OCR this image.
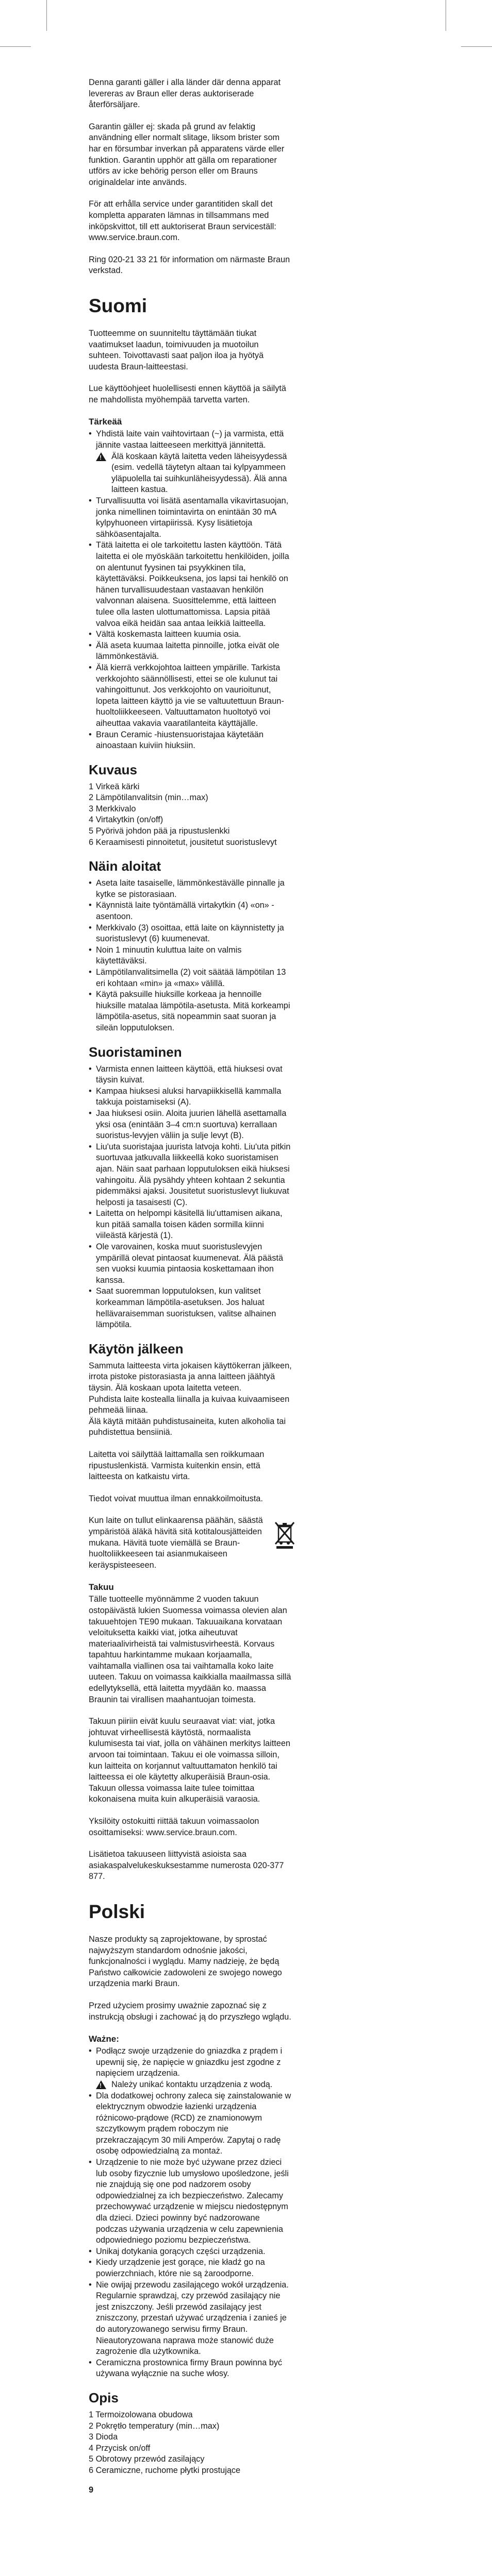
Denna garanti gäller i alla länder där denna apparat levereras av Braun eller deras auktoriserade återförsäljare.

Garantin gäller ej: skada på grund av felaktig användning eller normalt slitage, liksom brister som har en försumbar inverkan på apparatens värde eller funktion. Garantin upphör att gälla om reparationer utförs av icke behörig person eller om Brauns originaldelar inte används.

För att erhålla service under garantitiden skall det kompletta apparaten lämnas in tillsammans med inköpskvittot, till ett auktoriserat Braun serviceställ: www.service.braun.com.

Ring 020-21 33 21 för information om närmaste Braun verkstad.

Suomi

Tuotteemme on suunniteltu täyttämään tiukat vaatimukset laadun, toimivuuden ja muotoilun suhteen. Toivottavasti saat paljon iloa ja hyötyä uudesta Braun-laitteestasi.

Lue käyttöohjeet huolellisesti ennen käyttöä ja säilytä ne mahdollista myöhempää tarvetta varten.

Tärkeää
• Yhdistä laite vain vaihtovirtaan (~) ja varmista, että jännite vastaa laitteeseen merkittyä jännitettä.
!
Älä koskaan käytä laitetta veden läheisyydessä (esim. vedellä täytetyn altaan tai kylpyammeen yläpuolella tai suihkunläheisyydessä). Älä anna laitteen kastua.
• Turvallisuutta voi lisätä asentamalla vikavirtasuojan, jonka nimellinen toimintavirta on enintään 30 mA kylpyhuoneen virtapiirissä. Kysy lisätietoja sähköasentajalta.
• Tätä laitetta ei ole tarkoitettu lasten käyttöön. Tätä laitetta ei ole myöskään tarkoitettu henkilöiden, joilla on alentunut fyysinen tai psyykkinen tila, käytettäväksi. Poikkeuksena, jos lapsi tai henkilö on hänen turvallisuudestaan vastaavan henkilön valvonnan alaisena. Suosittelemme, että laitteen tulee olla lasten ulottumattomissa. Lapsia pitää valvoa eikä heidän saa antaa leikkiä laitteella.
• Vältä koskemasta laitteen kuumia osia.
• Älä aseta kuumaa laitetta pinnoille, jotka eivät ole lämmönkestäviä.
• Älä kierrä verkkojohtoa laitteen ympärille. Tarkista verkkojohto säännöllisesti, ettei se ole kulunut tai vahingoittunut. Jos verkkojohto on vaurioitunut, lopeta laitteen käyttö ja vie se valtuutettuun Braun-huoltoliikkeeseen. Valtuuttamaton huoltotyö voi aiheuttaa vakavia vaaratilanteita käyttäjälle.
• Braun Ceramic -hiustensuoristajaa käytetään ainoastaan kuiviin hiuksiin.
Kuvaus
1 Virkeä kärki
2 Lämpötilanvalitsin (min…max)
3 Merkkivalo
4 Virtakytkin (on/off)
5 Pyörivä johdon pää ja ripustuslenkki
6 Keraamisesti pinnoitetut, jousitetut suoristuslevyt
Näin aloitat
• Aseta laite tasaiselle, lämmönkestävälle pinnalle ja kytke se pistorasiaan.
• Käynnistä laite työntämällä virtakytkin (4) «on» -asentoon.
• Merkkivalo (3) osoittaa, että laite on käynnistetty ja suoristuslevyt (6) kuumenevat.
• Noin 1 minuutin kuluttua laite on valmis käytettäväksi.
• Lämpötilanvalitsimella (2) voit säätää lämpötilan 13 eri kohtaan «min» ja «max» välillä.
• Käytä paksuille hiuksille korkeaa ja hennoille hiuksille matalaa lämpötila-asetusta. Mitä korkeampi lämpötila-asetus, sitä nopeammin saat suoran ja sileän lopputuloksen.
Suoristaminen
• Varmista ennen laitteen käyttöä, että hiuksesi ovat täysin kuivat.
• Kampaa hiuksesi aluksi harvapiikkisellä kammalla takkuja poistamiseksi (A).
• Jaa hiuksesi osiin. Aloita juurien lähellä asettamalla yksi osa (enintään 3–4 cm:n suortuva) kerrallaan suoristus-levyjen väliin ja sulje levyt (B).
• Liu'uta suoristajaa juurista latvoja kohti. Liu'uta pitkin suortuvaa jatkuvalla liikkeellä koko suoristamisen ajan. Näin saat parhaan lopputuloksen eikä hiuksesi vahingoitu. Älä pysähdy yhteen kohtaan 2 sekuntia pidemmäksi ajaksi. Jousitetut suoristuslevyt liukuvat helposti ja tasaisesti (C).
• Laitetta on helpompi käsitellä liu'uttamisen aikana, kun pitää samalla toisen käden sormilla kiinni viileästä kärjestä (1).
• Ole varovainen, koska muut suoristuslevyjen ympärillä olevat pintaosat kuumenevat. Älä päästä sen vuoksi kuumia pintaosia koskettamaan ihon kanssa.
• Saat suoremman lopputuloksen, kun valitset korkeamman lämpötila-asetuksen. Jos haluat hellävaraisemman suoristuksen, valitse alhainen lämpötila.
Käytön jälkeen

Sammuta laitteesta virta jokaisen käyttökerran jälkeen, irrota pistoke pistorasiasta ja anna laitteen jäähtyä täysin. Älä koskaan upota laitetta veteen.

Puhdista laite kostealla liinalla ja kuivaa kuivaamiseen pehmeää liinaa.

Älä käytä mitään puhdistusaineita, kuten alkoholia tai puhdistettua bensiiniä.

Laitetta voi säilyttää laittamalla sen roikkumaan ripustuslenkistä. Varmista kuitenkin ensin, että laitteesta on katkaistu virta.

Tiedot voivat muuttua ilman ennakkoilmoitusta.

Kun laite on tullut elinkaarensa päähän, säästä ympäristöä äläkä hävitä sitä kotitalousjätteiden mukana. Hävitä tuote viemällä se Braun-huoltoliikkeeseen tai asianmukaiseen keräyspisteeseen.

Takuu

Tälle tuotteelle myönnämme 2 vuoden takuun ostopäivästä lukien Suomessa voimassa olevien alan takuuehtojen TE90 mukaan. Takuuaikana korvataan veloituksetta kaikki viat, jotka aiheutuvat materiaalivirheistä tai valmistusvirheestä. Korvaus tapahtuu harkintamme mukaan korjaamalla, vaihtamalla viallinen osa tai vaihtamalla koko laite uuteen. Takuu on voimassa kaikkialla maailmassa sillä edellytyksellä, että laitetta myydään ko. maassa Braunin tai virallisen maahantuojan toimesta.

Takuun piiriin eivät kuulu seuraavat viat: viat, jotka johtuvat virheellisestä käytöstä, normaalista kulumisesta tai viat, jolla on vähäinen merkitys laitteen arvoon tai toimintaan. Takuu ei ole voimassa silloin, kun laitteita on korjannut valtuuttamaton henkilö tai laitteessa ei ole käytetty alkuperäisiä Braun-osia. Takuun ollessa voimassa laite tulee toimittaa kokonaisena muita kuin alkuperäisiä varaosia.

Yksilöity ostokuitti riittää takuun voimassaolon osoittamiseksi: www.service.braun.com.

Lisätietoa takuuseen liittyvistä asioista saa asiakaspalvelukeskuksestamme numerosta 020-377 877.

Polski

Nasze produkty są zaprojektowane, by sprostać najwyższym standardom odnośnie jakości, funkcjonalności i wyglądu. Mamy nadzieję, że będą Państwo całkowicie zadowoleni ze swojego nowego urządzenia marki Braun.

Przed użyciem prosimy uważnie zapoznać się z instrukcją obsługi i zachować ją do przyszłego wglądu.

Ważne:
• Podłącz swoje urządzenie do gniazdka z prądem i upewnij się, że napięcie w gniazdku jest zgodne z napięciem urządzenia.
!
Należy unikać kontaktu urządzenia z wodą.
• Dla dodatkowej ochrony zaleca się zainstalowanie w elektrycznym obwodzie łazienki urządzenia różnicowo-prądowe (RCD) ze znamionowym szczytkowym prądem roboczym nie przekraczającym 30 mili Amperów. Zapytaj o radę osobę odpowiedzialną za montaż.
• Urządzenie to nie może być używane przez dzieci lub osoby fizycznie lub umysłowo upośledzone, jeśli nie znajdują się one pod nadzorem osoby odpowiedzialnej za ich bezpieczeństwo. Zalecamy przechowywać urządzenie w miejscu niedostępnym dla dzieci. Dzieci powinny być nadzorowane podczas używania urządzenia w celu zapewnienia odpowiedniego poziomu bezpieczeństwa.
• Unikaj dotykania gorących części urządzenia.
• Kiedy urządzenie jest gorące, nie kładź go na powierzchniach, które nie są żaroodporne.
• Nie owijaj przewodu zasilającego wokół urządzenia. Regularnie sprawdzaj, czy przewód zasilający nie jest zniszczony. Jeśli przewód zasilający jest zniszczony, przestań używać urządzenia i zanieś je do autoryzowanego serwisu firmy Braun. Nieautoryzowana naprawa może stanowić duże zagrożenie dla użytkownika.
• Ceramiczna prostownica firmy Braun powinna być używana wyłącznie na suche włosy.
Opis
1 Termoizolowana obudowa
2 Pokrętło temperatury (min…max)
3 Dioda
4 Przycisk on/off
5 Obrotowy przewód zasilający
6 Ceramiczne, ruchome płytki prostujące
9
